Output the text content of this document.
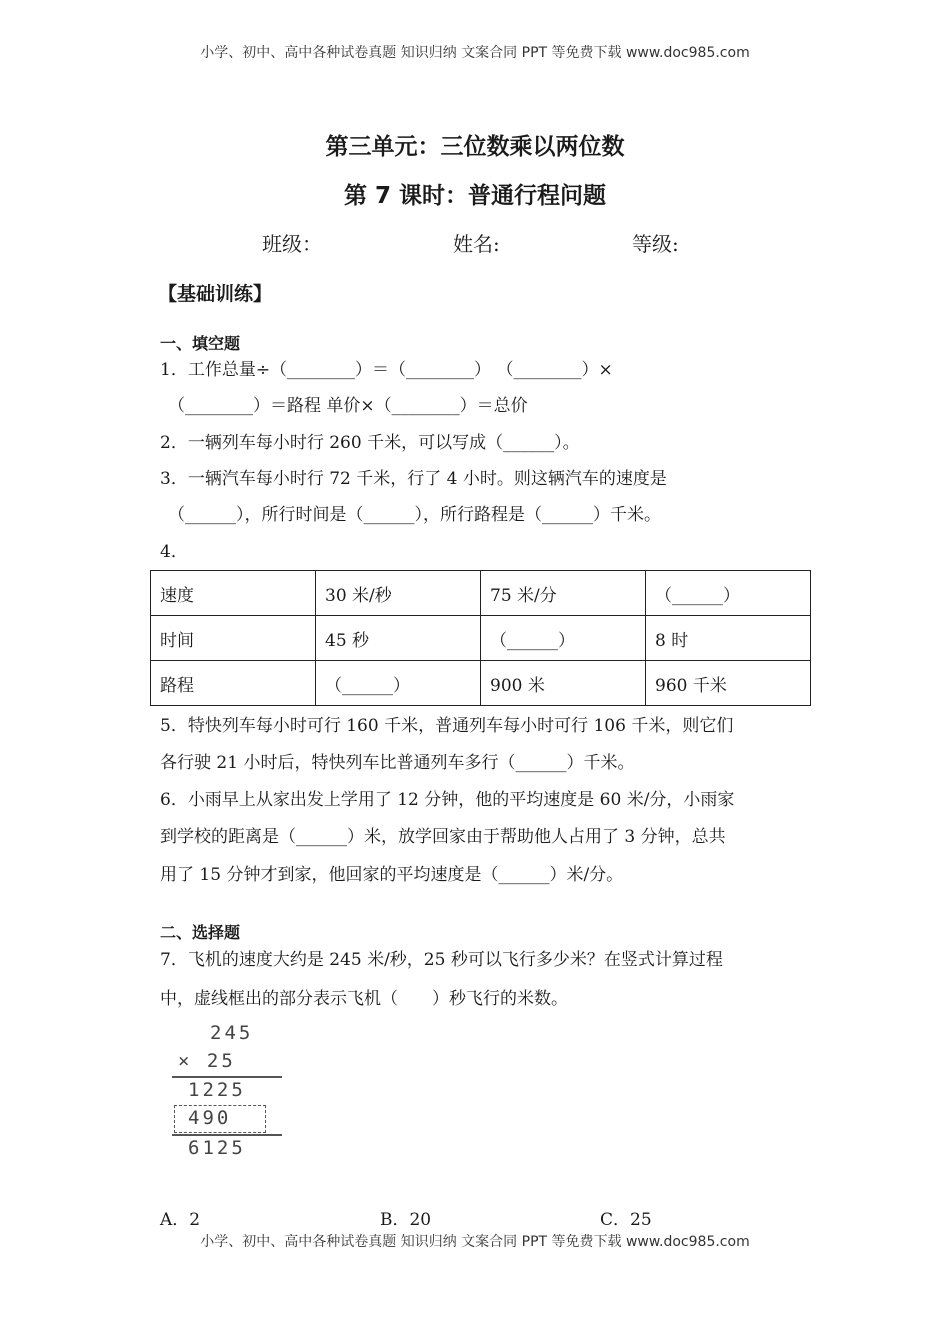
小学、初中、高中各种试卷真题 知识归纳 文案合同 PPT 等免费下载 www.doc985.com
第三单元：三位数乘以两位数
第 7 课时：普通行程问题
班级：	姓名:	等级:
【基础训练】
一、填空题
1．工作总量÷（________）＝（________） （________）×
（________）＝路程 单价×（________）＝总价
2．一辆列车每小时行 260 千米，可以写成（______）。
3．一辆汽车每小时行 72 千米，行了 4 小时。则这辆汽车的速度是
（______），所行时间是（______），所行路程是（______）千米。
4．
速度	30 米/秒	75 米/分	（______）
时间	45 秒	（______）	8 时
路程	（______）	900 米	960 千米
5．特快列车每小时可行 160 千米，普通列车每小时可行 106 千米，则它们
各行驶 21 小时后，特快列车比普通列车多行（______）千米。
6．小雨早上从家出发上学用了 12 分钟，他的平均速度是 60 米/分，小雨家
到学校的距离是（______）米，放学回家由于帮助他人占用了 3 分钟，总共
用了 15 分钟才到家，他回家的平均速度是（______）米/分。
二、选择题
7．飞机的速度大约是 245 米/秒，25 秒可以飞行多少米？在竖式计算过程
中，虚线框出的部分表示飞机（　　）秒飞行的米数。
245
× 25
1225
490
6125
A．2	B．20	C．25
小学、初中、高中各种试卷真题 知识归纳 文案合同 PPT 等免费下载 www.doc985.com
